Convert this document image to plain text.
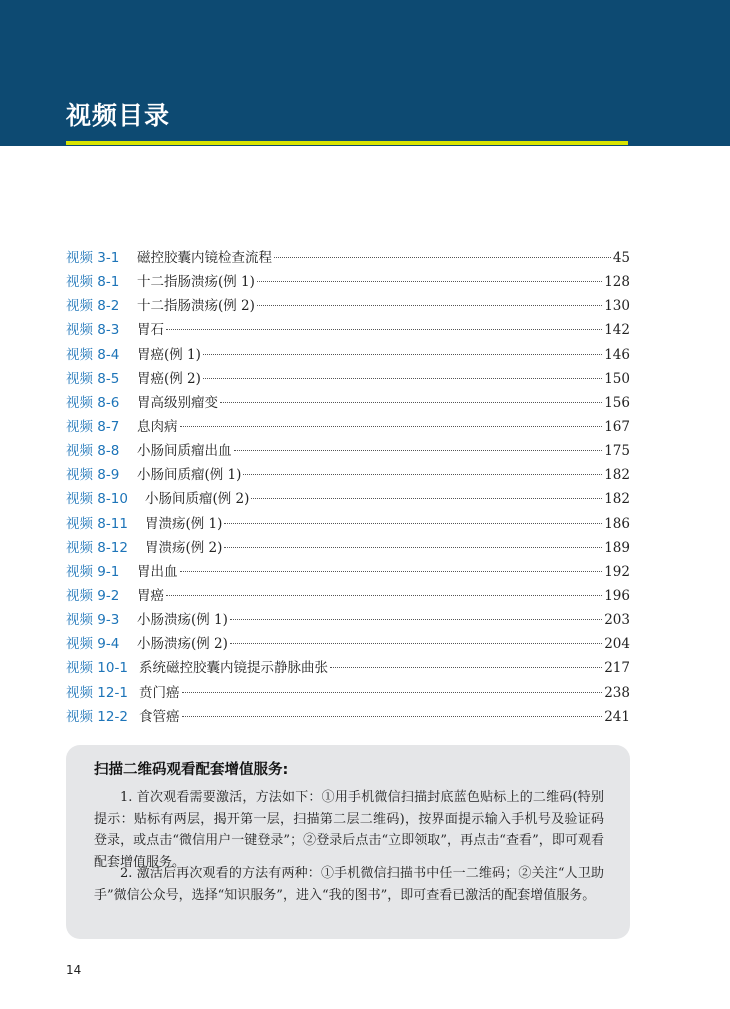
视频目录
视频 3-1	磁控胶囊内镜检查流程	45
视频 8-1	十二指肠溃疡(例 1)	128
视频 8-2	十二指肠溃疡(例 2)	130
视频 8-3	胃石	142
视频 8-4	胃癌(例 1)	146
视频 8-5	胃癌(例 2)	150
视频 8-6	胃高级别瘤变	156
视频 8-7	息肉病	167
视频 8-8	小肠间质瘤出血	175
视频 8-9	小肠间质瘤(例 1)	182
视频 8-10	小肠间质瘤(例 2)	182
视频 8-11	胃溃疡(例 1)	186
视频 8-12	胃溃疡(例 2)	189
视频 9-1	胃出血	192
视频 9-2	胃癌	196
视频 9-3	小肠溃疡(例 1)	203
视频 9-4	小肠溃疡(例 2)	204
视频 10-1 系统磁控胶囊内镜提示静脉曲张	217
视频 12-1 贲门癌	238
视频 12-2 食管癌	241
扫描二维码观看配套增值服务:
1. 首次观看需要激活，方法如下：①用手机微信扫描封底蓝色贴标上的二维码(特别提示：贴标有两层，揭开第一层，扫描第二层二维码)，按界面提示输入手机号及验证码登录，或点击“微信用户一键登录”；②登录后点击“立即领取”，再点击“查看”，即可观看配套增值服务。
2. 激活后再次观看的方法有两种：①手机微信扫描书中任一二维码；②关注“人卫助手”微信公众号，选择“知识服务”，进入“我的图书”，即可查看已激活的配套增值服务。
14
